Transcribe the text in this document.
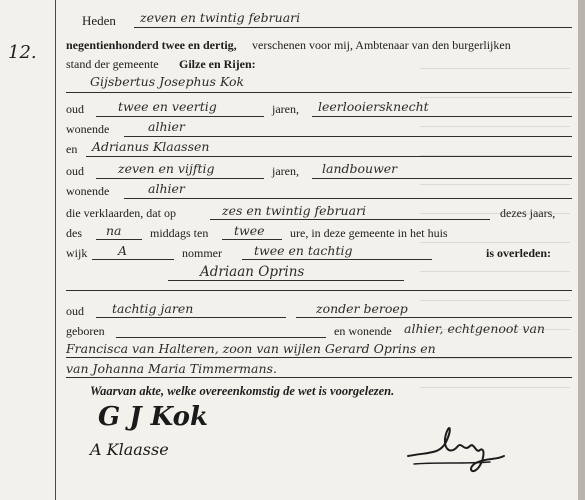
12.
Heden zeven en twintig februari
negentienhonderd twee en dertig, verschenen voor mij, Ambtenaar van den burgerlijken
stand der gemeente Gilze en Rijen:
Gijsbertus Josephus Kok
oud	twee en veertig	jaren, leerlooiersknecht
wonende	alhier
en Adrianus Klaassen
oud	zeven en vijftig	jaren, landbouwer
wonende	alhier
die verklaarden, dat op	zes en twintig februari	dezes jaars,
des na middags ten twee ure, in deze gemeente in het huis
wijk A	nommer	twee en tachtig	is overleden:
Adriaan Oprins
oud tachtig jaren	zonder beroep
geboren	en wonende alhier, echtgenoot van
Francisca van Halteren, zoon van wijlen Gerard Oprins en
van Johanna Maria Timmermans.
Waarvan akte, welke overeenkomstig de wet is voorgelezen.
G J Kok
A Klaasse
